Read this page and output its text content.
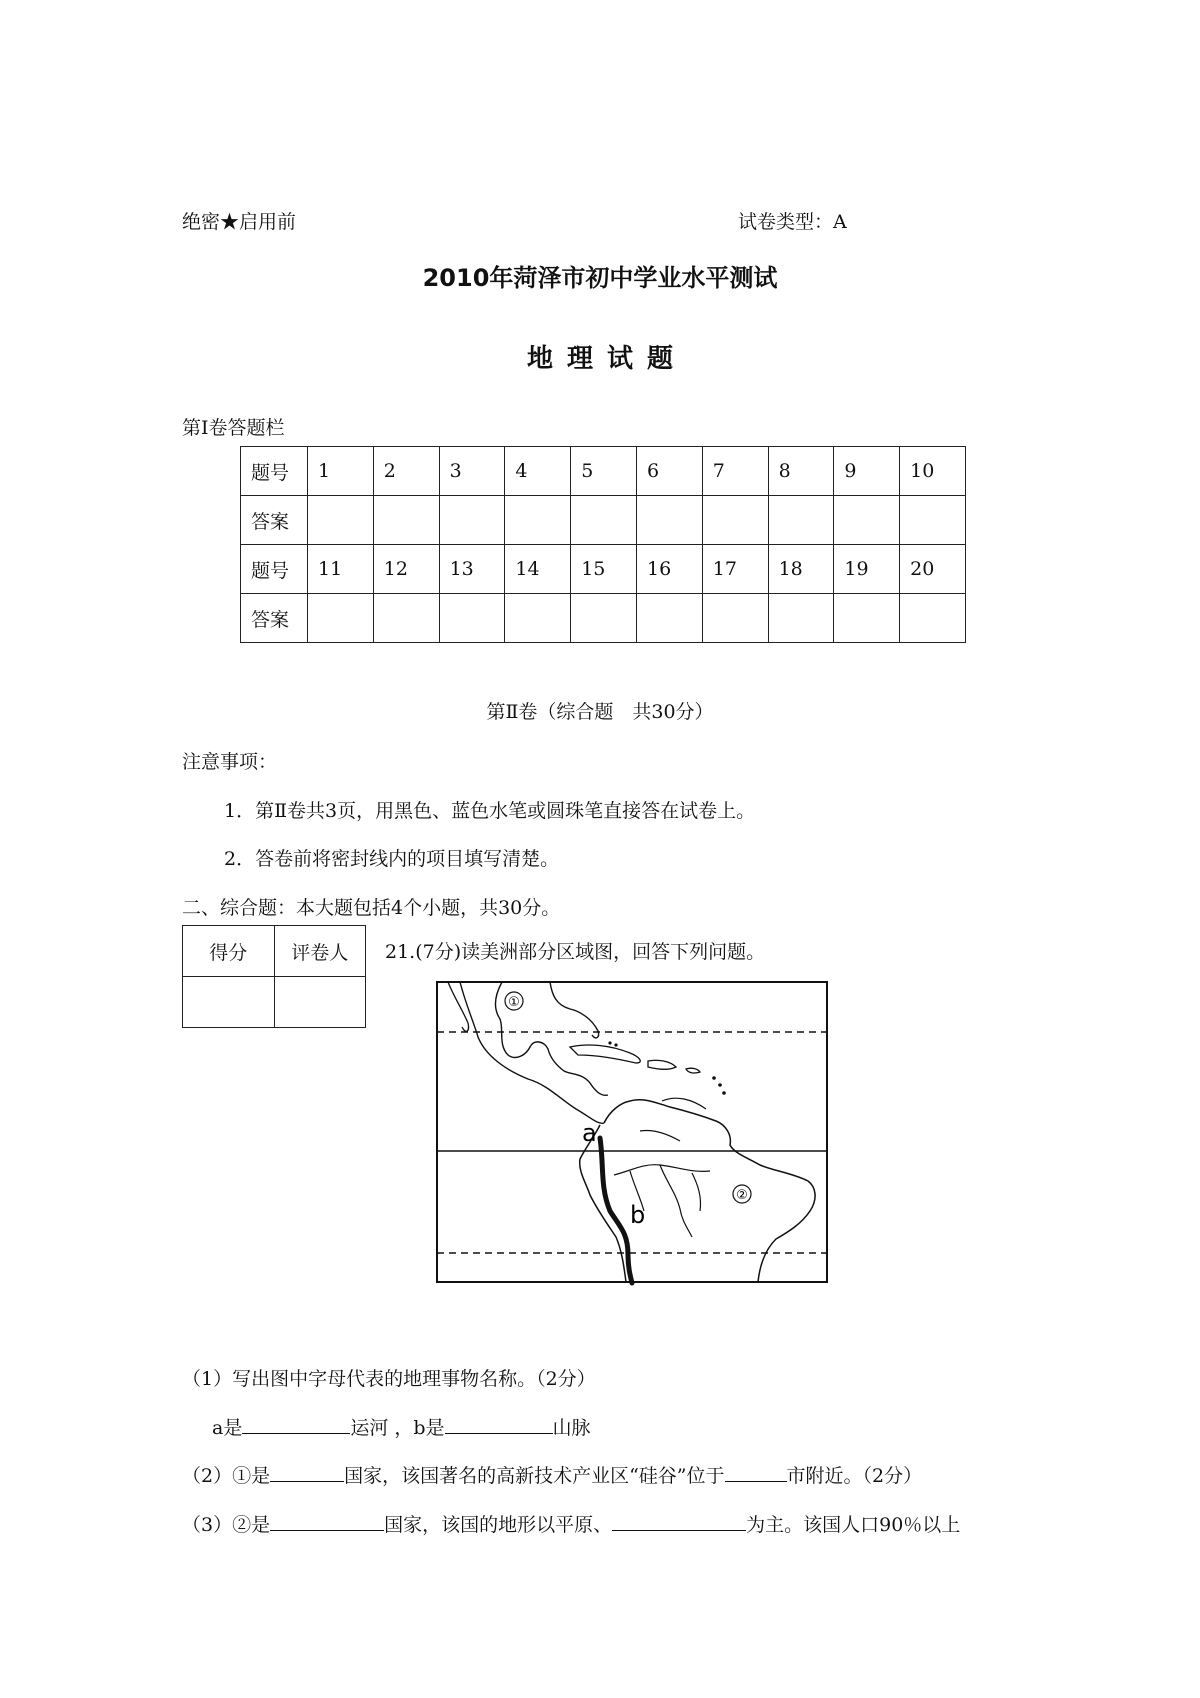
绝密★启用前	试卷类型：A
2010年菏泽市初中学业水平测试
地理试题
第Ⅰ卷答题栏
题号	1	2	3	4	5	6	7	8	9	10
答案										
题号	11	12	13	14	15	16	17	18	19	20
答案										
第Ⅱ卷（综合题　共30分）
注意事项：
1．第Ⅱ卷共3页，用黑色、蓝色水笔或圆珠笔直接答在试卷上。
2．答卷前将密封线内的项目填写清楚。
二、综合题：本大题包括4个小题，共30分。
得分	评卷人
	21.(7分)读美洲部分区域图，回答下列问题。
①
②
a
b
（1）写出图中字母代表的地理事物名称。（2分）
a是	运河 ，b是	山脉
（2）①是	国家，该国著名的高新技术产业区“硅谷”位于	市附近。（2分）
（3）②是	国家，该国的地形以平原、	为主。该国人口90％以上
